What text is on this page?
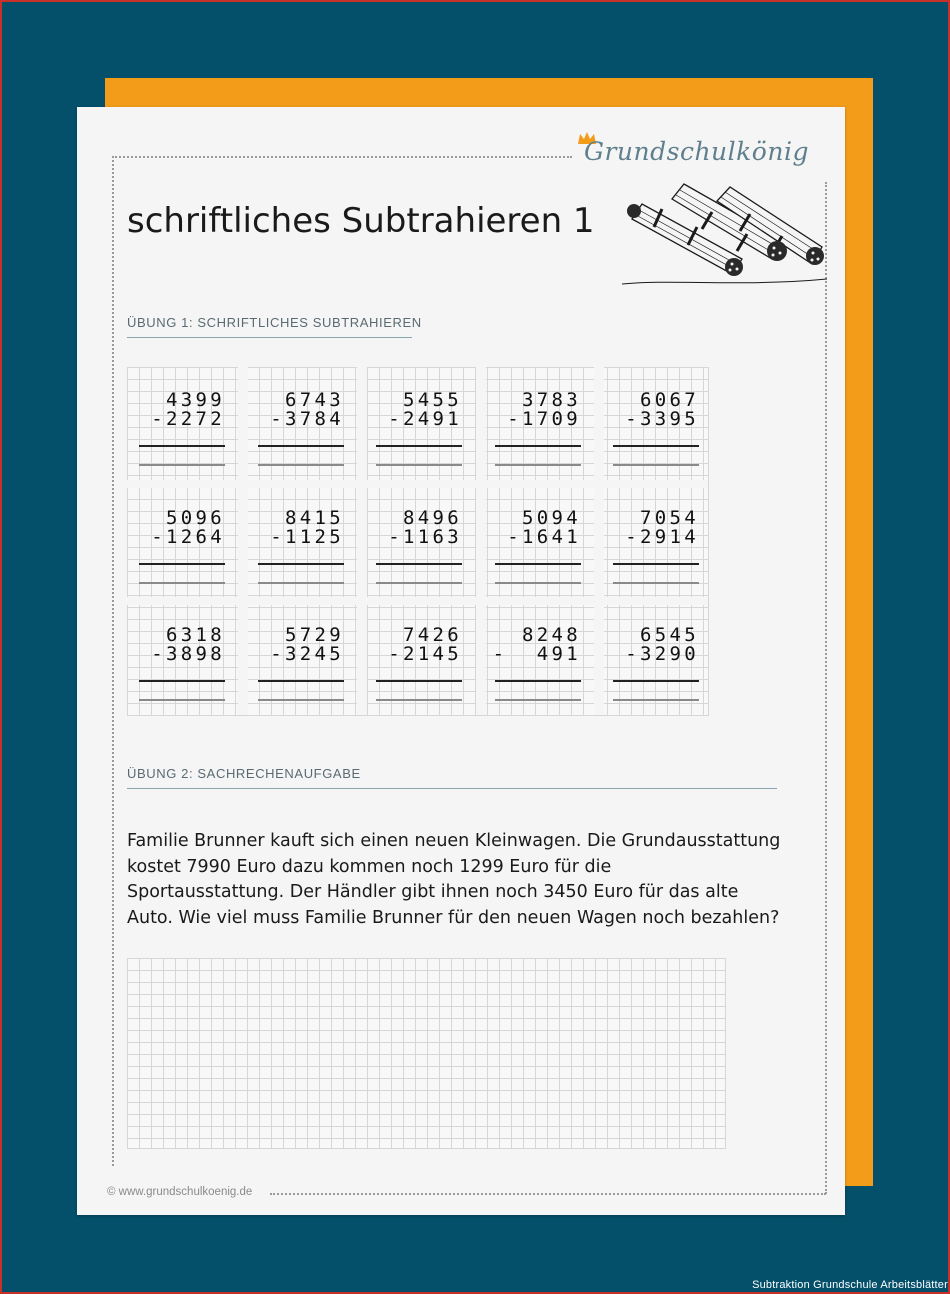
Grundschulkönig
schriftliches Subtrahieren 1
ÜBUNG 1: SCHRIFTLICHES SUBTRAHIEREN
4399
-2272
6743
-3784
5455
-2491
3783
-1709
6067
-3395
5096
-1264
8415
-1125
8496
-1163
5094
-1641
7054
-2914
6318
-3898
5729
-3245
7426
-2145
8248
-  491
6545
-3290
ÜBUNG 2: SACHRECHENAUFGABE

Familie Brunner kauft sich einen neuen Kleinwagen. Die Grundausstattung

kostet 7990 Euro dazu kommen noch 1299 Euro für die

Sportausstattung. Der Händler gibt ihnen noch 3450 Euro für das alte

Auto. Wie viel muss Familie Brunner für den neuen Wagen noch bezahlen?

© www.grundschulkoenig.de
Subtraktion Grundschule Arbeitsblätter
